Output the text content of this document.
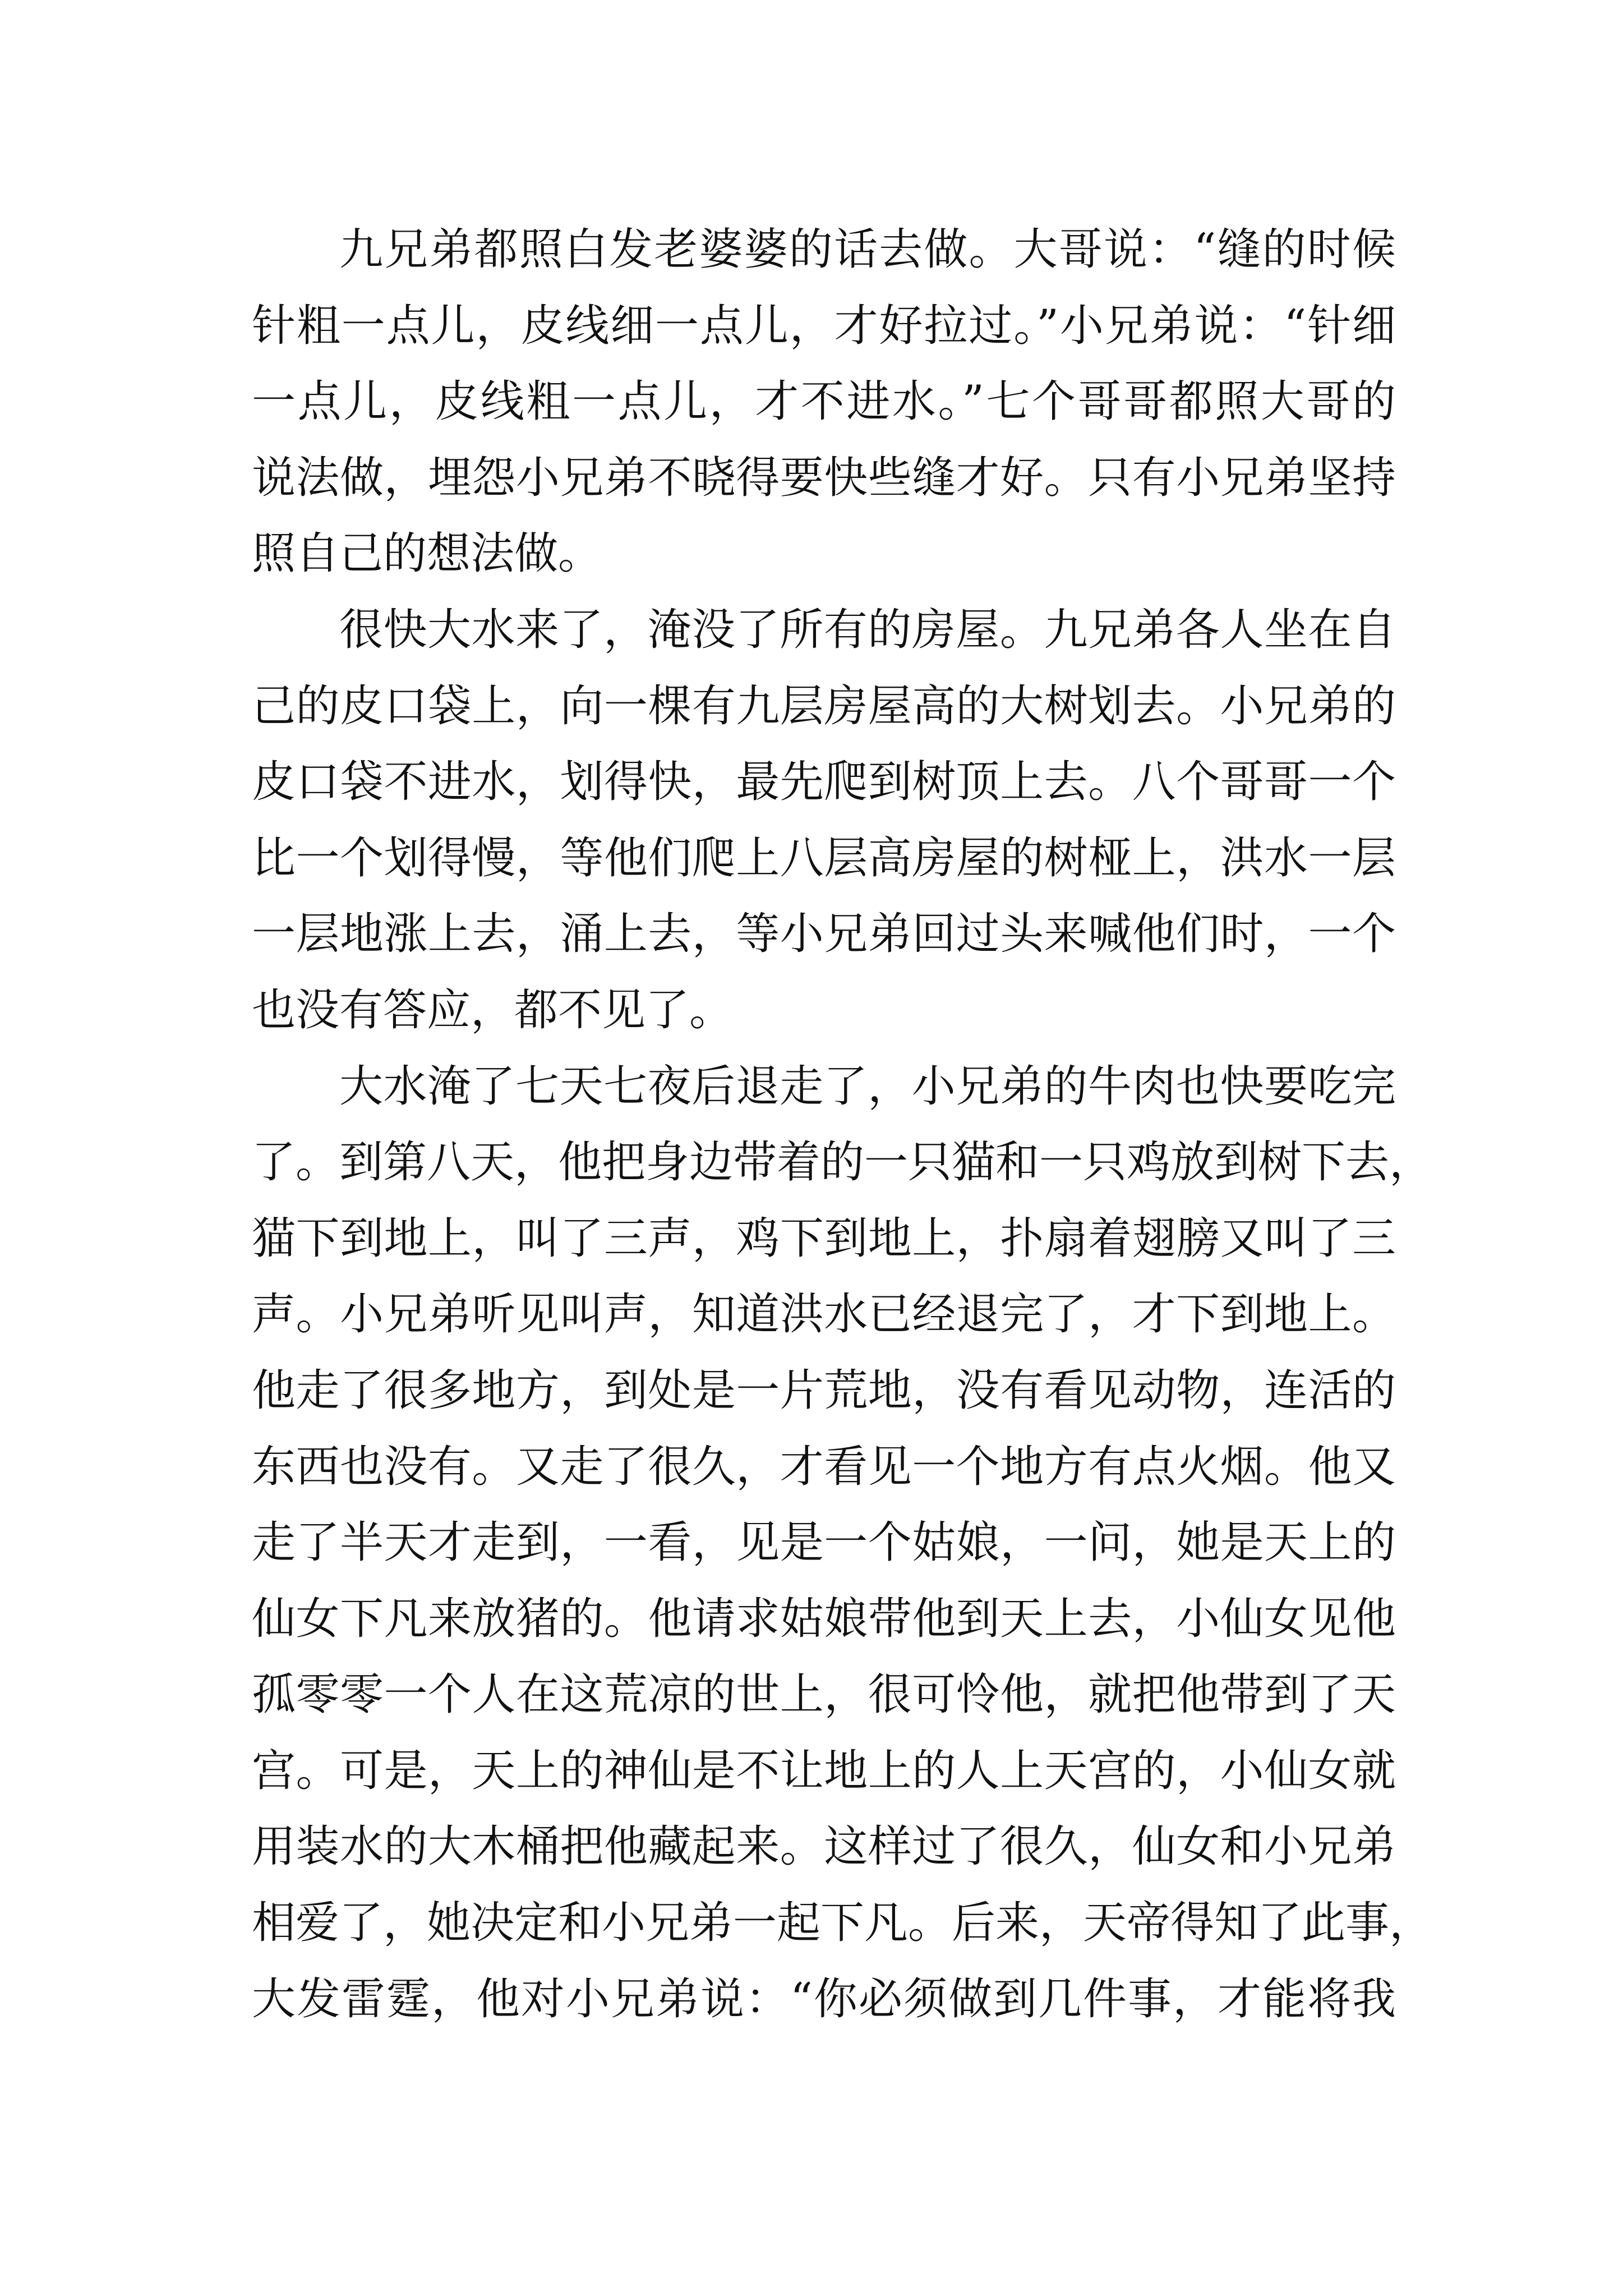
九兄弟都照白发老婆婆的话去做。大哥说：“缝的时候

针粗一点儿，皮线细一点儿，才好拉过。”小兄弟说：“针细

一点儿，皮线粗一点儿，才不进水。”七个哥哥都照大哥的

说法做，埋怨小兄弟不晓得要快些缝才好。只有小兄弟坚持

照自己的想法做。

很快大水来了，淹没了所有的房屋。九兄弟各人坐在自

己的皮口袋上，向一棵有九层房屋高的大树划去。小兄弟的

皮口袋不进水，划得快，最先爬到树顶上去。八个哥哥一个

比一个划得慢，等他们爬上八层高房屋的树桠上，洪水一层

一层地涨上去，涌上去，等小兄弟回过头来喊他们时，一个

也没有答应，都不见了。

大水淹了七天七夜后退走了，小兄弟的牛肉也快要吃完

了。到第八天，他把身边带着的一只猫和一只鸡放到树下去，

猫下到地上，叫了三声，鸡下到地上，扑扇着翅膀又叫了三

声。小兄弟听见叫声，知道洪水已经退完了，才下到地上。

他走了很多地方，到处是一片荒地，没有看见动物，连活的

东西也没有。又走了很久，才看见一个地方有点火烟。他又

走了半天才走到，一看，见是一个姑娘，一问，她是天上的

仙女下凡来放猪的。他请求姑娘带他到天上去，小仙女见他

孤零零一个人在这荒凉的世上，很可怜他，就把他带到了天

宫。可是，天上的神仙是不让地上的人上天宫的，小仙女就

用装水的大木桶把他藏起来。这样过了很久，仙女和小兄弟

相爱了，她决定和小兄弟一起下凡。后来，天帝得知了此事，

大发雷霆，他对小兄弟说：“你必须做到几件事，才能将我
